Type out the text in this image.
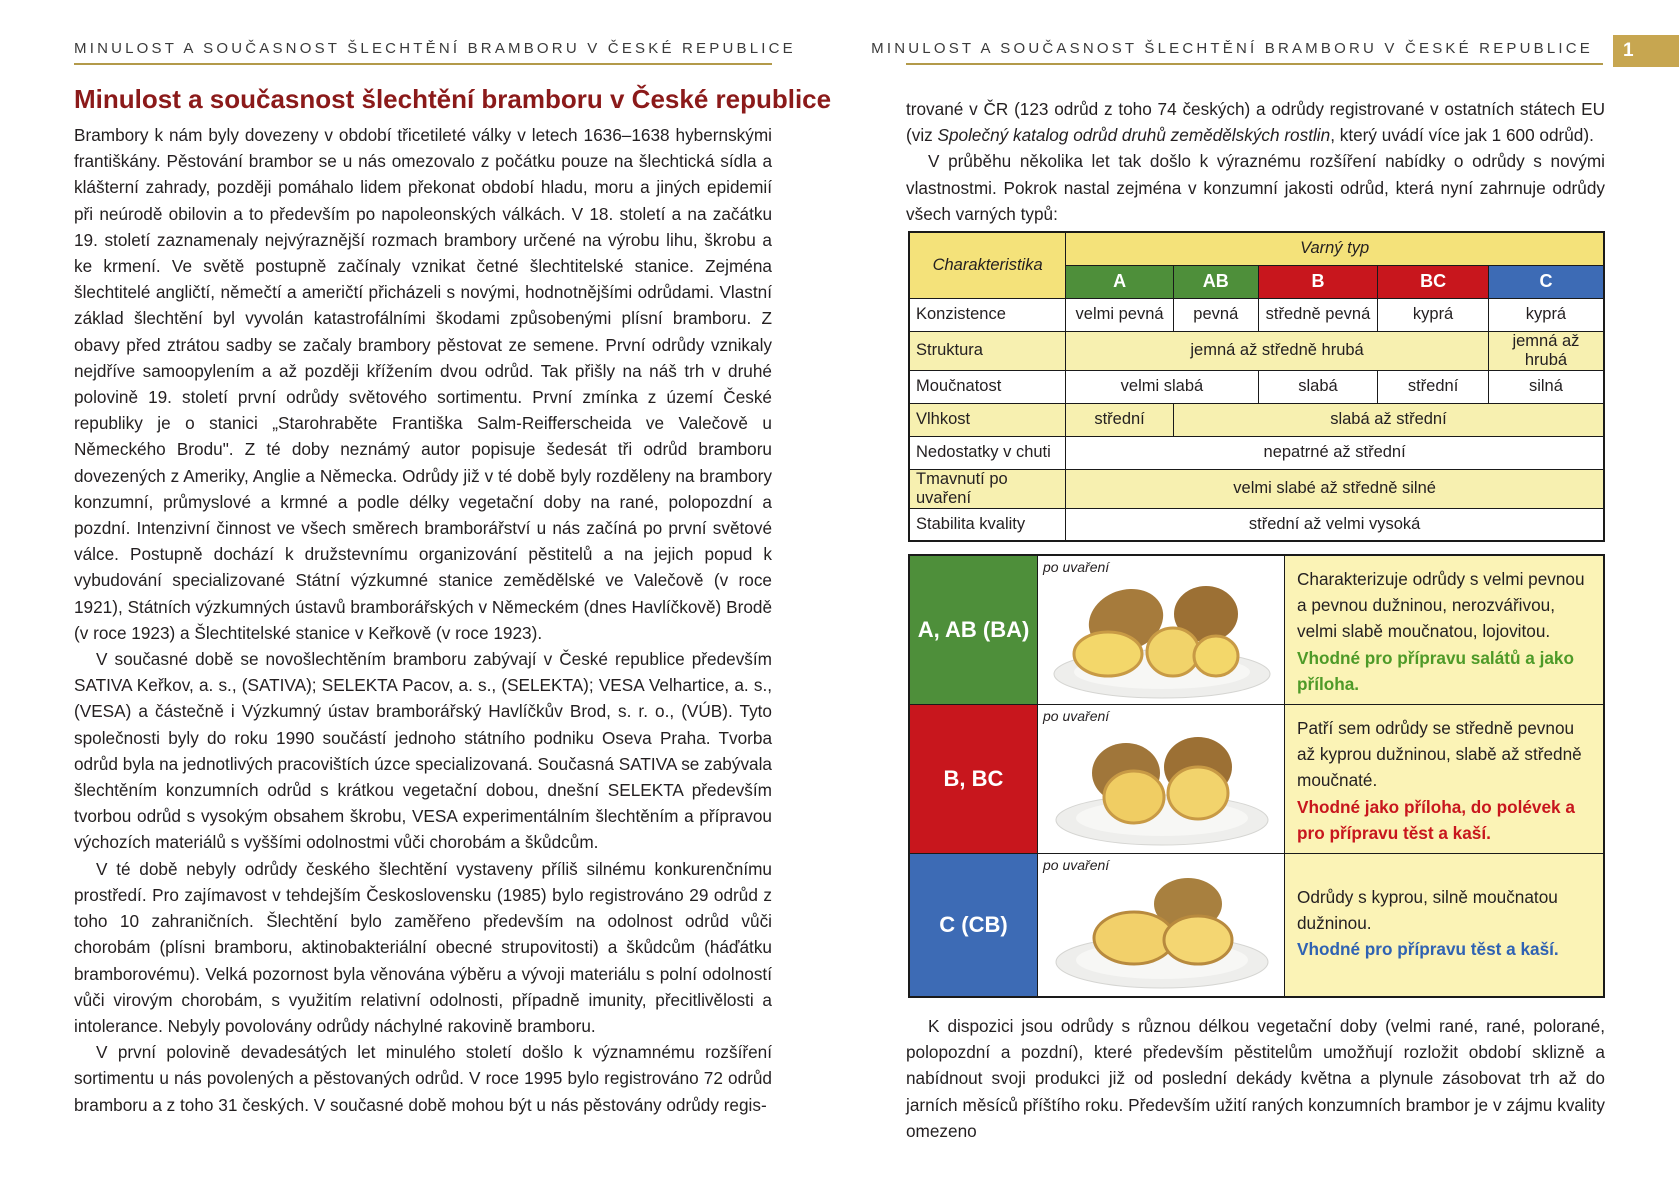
MINULOST A SOUČASNOST ŠLECHTĚNÍ BRAMBORU V ČESKÉ REPUBLICE
Minulost a současnost šlechtění bramboru v České republice

Brambory k nám byly dovezeny v období třicetileté války v letech 1636–1638 hybernskými františkány. Pěstování brambor se u nás omezovalo z počátku pouze na šlechtická sídla a klášterní zahrady, později pomáhalo lidem překonat období hladu, moru a jiných epidemií při neúrodě obilovin a to především po napoleonských válkách. V 18. století a na začátku 19. století zaznamenaly nejvýraznější rozmach brambory určené na výrobu lihu, škrobu a ke krmení. Ve světě postupně začínaly vznikat četné šlechtitelské stanice. Zejména šlechtitelé angličtí, němečtí a američtí přicházeli s novými, hodnotnějšími odrůdami. Vlastní základ šlechtění byl vyvolán katastrofálními škodami způsobenými plísní bramboru. Z obavy před ztrátou sadby se začaly brambory pěstovat ze semene. První odrůdy vznikaly nejdříve samoopylením a až později křížením dvou odrůd. Tak přišly na náš trh v druhé polovině 19. století první odrůdy světového sortimentu. První zmínka z území České republiky je o stanici „Starohraběte Františka Salm-Reifferscheida ve Valečově u Německého Brodu". Z té doby neznámý autor popisuje šedesát tři odrůd bramboru dovezených z Ameriky, Anglie a Německa. Odrůdy již v té době byly rozděleny na brambory konzumní, průmyslové a krmné a podle délky vegetační doby na rané, polopozdní a pozdní. Intenzivní činnost ve všech směrech bramborářství u nás začíná po první světové válce. Postupně dochází k družstevnímu organizování pěstitelů a na jejich popud k vybudování specializované Státní výzkumné stanice zemědělské ve Valečově (v roce 1921), Státních výzkumných ústavů bramborářských v Německém (dnes Havlíčkově) Brodě (v roce 1923) a Šlechtitelské stanice v Keřkově (v roce 1923).

V současné době se novošlechtěním bramboru zabývají v České republice především SATIVA Keřkov, a. s., (SATIVA); SELEKTA Pacov, a. s., (SELEKTA); VESA Velhartice, a. s., (VESA) a částečně i Výzkumný ústav bramborářský Havlíčkův Brod, s. r. o., (VÚB). Tyto společnosti byly do roku 1990 součástí jednoho státního podniku Oseva Praha. Tvorba odrůd byla na jednotlivých pracovištích úzce specializovaná. Současná SATIVA se zabývala šlechtěním konzumních odrůd s krátkou vegetační dobou, dnešní SELEKTA především tvorbou odrůd s vysokým obsahem škrobu, VESA experimentálním šlechtěním a přípravou výchozích materiálů s vyššími odolnostmi vůči chorobám a škůdcům.

V té době nebyly odrůdy českého šlechtění vystaveny příliš silnému konkurenčnímu prostředí. Pro zajímavost v tehdejším Československu (1985) bylo registrováno 29 odrůd z toho 10 zahraničních. Šlechtění bylo zaměřeno především na odolnost odrůd vůči chorobám (plísni bramboru, aktinobakteriální obecné strupovitosti) a škůdcům (háďátku bramborovému). Velká pozornost byla věnována výběru a vývoji materiálu s polní odolností vůči virovým chorobám, s využitím relativní odolnosti, případně imunity, přecitlivělosti a intolerance. Nebyly povolovány odrůdy náchylné rakovině bramboru.

V první polovině devadesátých let minulého století došlo k významnému rozšíření sortimentu u nás povolených a pěstovaných odrůd. V roce 1995 bylo registrováno 72 odrůd bramboru a z toho 31 českých. V současné době mohou být u nás pěstovány odrůdy regis-

MINULOST A SOUČASNOST ŠLECHTĚNÍ BRAMBORU V ČESKÉ REPUBLICE	1

trované v ČR (123 odrůd z toho 74 českých) a odrůdy registrované v ostatních státech EU (viz Společný katalog odrůd druhů zemědělských rostlin, který uvádí více jak 1 600 odrůd).

V průběhu několika let tak došlo k výraznému rozšíření nabídky o odrůdy s novými vlastnostmi. Pokrok nastal zejména v konzumní jakosti odrůd, která nyní zahrnuje odrůdy všech varných typů:

Charakteristika	Varný typ				
	A	AB	B	BC	C
Konzistence	velmi pevná	pevná	středně pevná	kyprá	kyprá
Struktura	jemná až středně hrubá				jemná až hrubá
Moučnatost	velmi slabá		slabá	střední	silná
Vlhkost	střední	slabá až střední			
Nedostatky v chuti	nepatrné až střední				
Tmavnutí po uvaření	velmi slabé až středně silné				
Stabilita kvality	střední až velmi vysoká				
A, AB (BA)
po uvaření
Charakterizuje odrůdy s velmi pevnou a pevnou dužninou, nerozvářivou, velmi slabě moučnatou, lojovitou.
Vhodné pro přípravu salátů a jako příloha.
B, BC
po uvaření
Patří sem odrůdy se středně pevnou až kyprou dužninou, slabě až středně moučnaté.
Vhodné jako příloha, do polévek a pro přípravu těst a kaší.
C (CB)
po uvaření
Odrůdy s kyprou, silně moučnatou dužninou.
Vhodné pro přípravu těst a kaší.

K dispozici jsou odrůdy s různou délkou vegetační doby (velmi rané, rané, polorané, polopozdní a pozdní), které především pěstitelům umožňují rozložit období sklizně a nabídnout svoji produkci již od poslední dekády května a plynule zásobovat trh až do jarních měsíců příštího roku. Především užití raných konzumních brambor je v zájmu kvality omezeno
